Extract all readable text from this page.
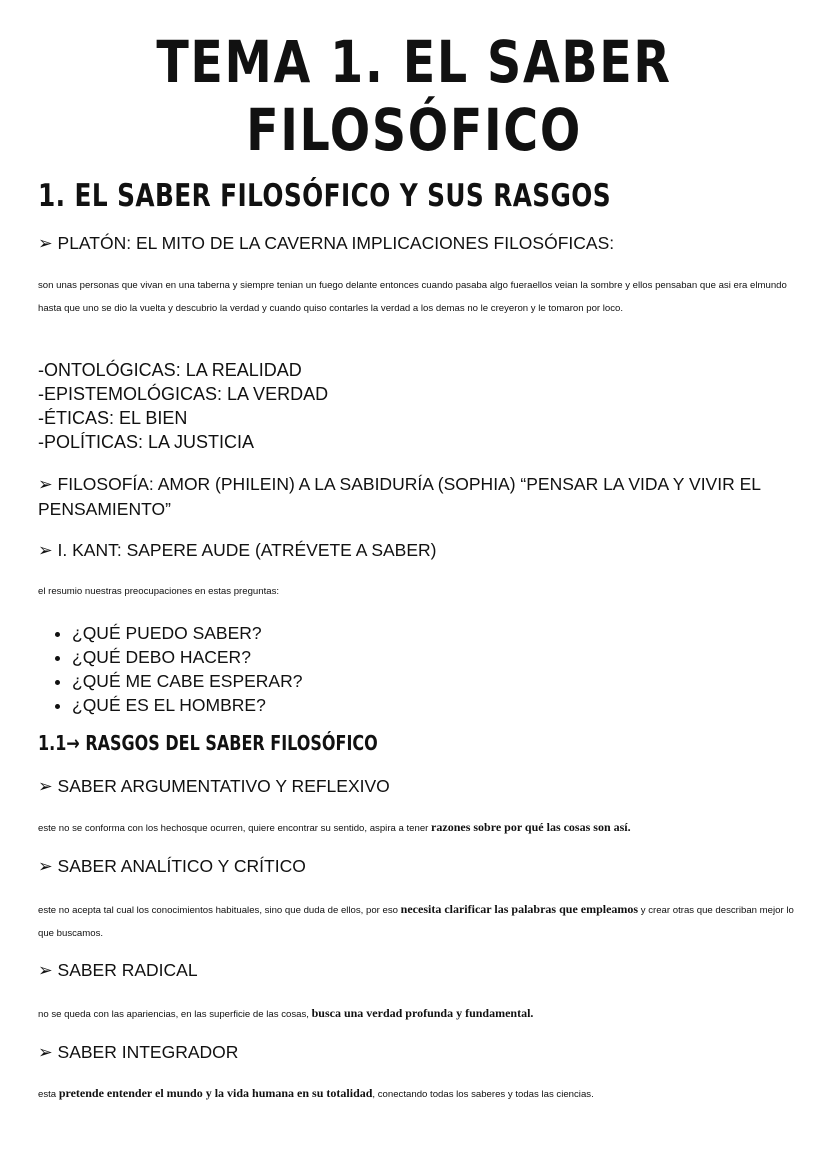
TEMA 1. EL SABER FILOSÓFICO
1. EL SABER FILOSÓFICO Y SUS RASGOS
➢ PLATÓN: EL MITO DE LA CAVERNA IMPLICACIONES FILOSÓFICAS:
son unas personas que vivan en una taberna y siempre tenian un fuego delante entonces cuando pasaba algo fueraellos veian la sombre y ellos pensaban que asi era elmundo hasta que uno se dio la vuelta y descubrio la verdad y cuando quiso contarles la verdad a los demas no le creyeron y le tomaron por loco.
-ONTOLÓGICAS: LA REALIDAD
-EPISTEMOLÓGICAS: LA VERDAD
-ÉTICAS: EL BIEN
-POLÍTICAS: LA JUSTICIA
➢ FILOSOFÍA: AMOR (PHILEIN) A LA SABIDURÍA (SOPHIA) “PENSAR LA VIDA Y VIVIR EL PENSAMIENTO”
➢ I. KANT: SAPERE AUDE (ATRÉVETE A SABER)
el resumio nuestras preocupaciones en estas preguntas:
• ¿QUÉ PUEDO SABER?
• ¿QUÉ DEBO HACER?
• ¿QUÉ ME CABE ESPERAR?
• ¿QUÉ ES EL HOMBRE?
1.1→ RASGOS DEL SABER FILOSÓFICO
➢ SABER ARGUMENTATIVO Y REFLEXIVO
este no se conforma con los hechosque ocurren, quiere encontrar su sentido, aspira a tener razones sobre por qué las cosas son así.
➢ SABER ANALÍTICO Y CRÍTICO
este no acepta tal cual los conocimientos habituales, sino que duda de ellos, por eso necesita clarificar las palabras que empleamos y crear otras que describan mejor lo que buscamos.
➢ SABER RADICAL
no se queda con las apariencias, en las superficie de las cosas, busca una verdad profunda y fundamental.
➢ SABER INTEGRADOR
esta pretende entender el mundo y la vida humana en su totalidad, conectando todas los saberes y todas las ciencias.
